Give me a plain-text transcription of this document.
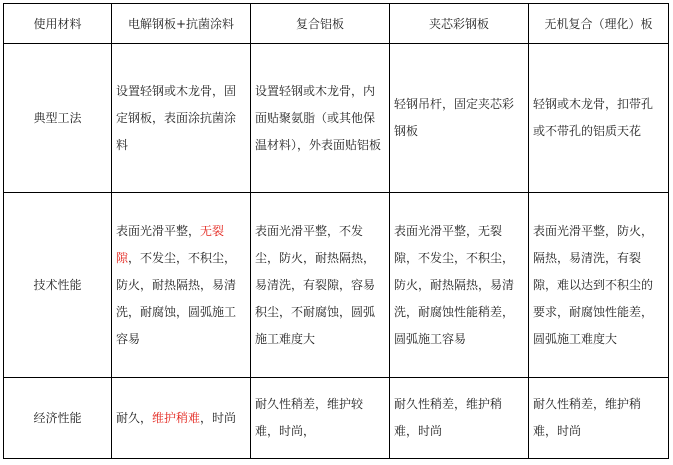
使用材料	电解钢板+抗菌涂料	复合铝板	夹芯彩钢板	无机复合（理化）板
典型工法	设置轻钢或木龙骨，固定钢板，表面涂抗菌涂料	设置轻钢或木龙骨，内面贴聚氨脂（或其他保温材料），外表面贴铝板	轻钢吊杆，固定夹芯彩钢板	轻钢或木龙骨，扣带孔或不带孔的铝质天花
技术性能	表面光滑平整，无裂隙，不发尘，不积尘，防火，耐热隔热，易清洗，耐腐蚀，圆弧施工容易	表面光滑平整，不发尘，防火，耐热隔热，易清洗，有裂隙，容易积尘，不耐腐蚀，圆弧施工难度大	表面光滑平整，无裂隙，不发尘，不积尘，防火，耐热隔热，易清洗，耐腐蚀性能稍差，圆弧施工容易	表面光滑平整，防火，隔热，易清洗，有裂隙，难以达到不积尘的要求，耐腐蚀性能差，圆弧施工难度大
经济性能	耐久，维护稍难，时尚	耐久性稍差，维护较难，时尚，	耐久性稍差，维护稍难，时尚	耐久性稍差，维护稍难，时尚
